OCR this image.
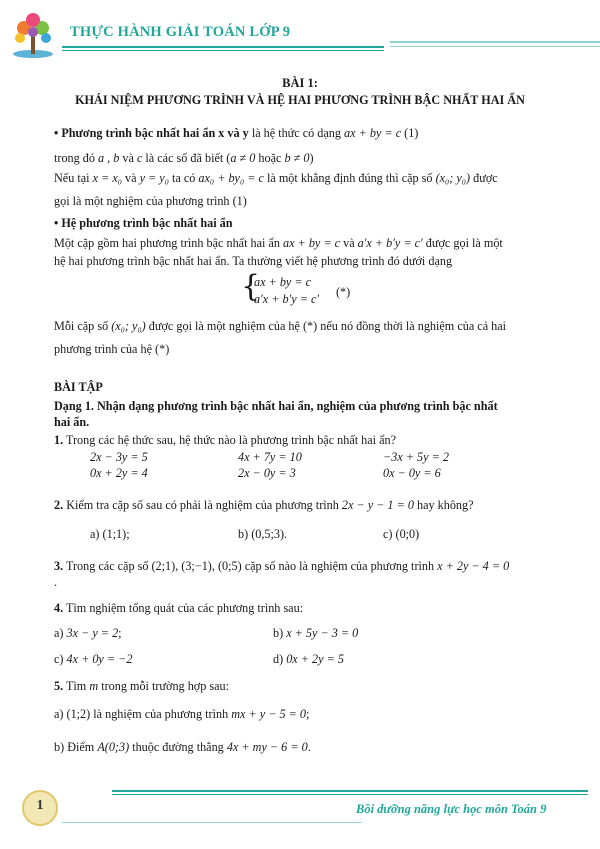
THỰC HÀNH GIẢI TOÁN LỚP 9
BÀI 1:
KHÁI NIỆM PHƯƠNG TRÌNH VÀ HỆ HAI PHƯƠNG TRÌNH BẬC NHẤT HAI ẨN
• Phương trình bậc nhất hai ẩn x và y là hệ thức có dạng ax + by = c (1)
trong đó a , b và c là các số đã biết (a ≠ 0 hoặc b ≠ 0)
Nếu tại x = x₀ và y = y₀ ta có ax₀ + by₀ = c là một khẳng định đúng thì cặp số (x₀; y₀) được
gọi là một nghiệm của phương trình (1)
• Hệ phương trình bậc nhất hai ẩn
Một cặp gồm hai phương trình bậc nhất hai ẩn ax + by = c và a′x + b′y = c′ được gọi là một
hệ hai phương trình bậc nhất hai ẩn. Ta thường viết hệ phương trình đó dưới dạng
{
ax + by = c
a′x + b′y = c′ (*)
Mỗi cặp số (x₀; y₀) được gọi là một nghiệm của hệ (*) nếu nó đồng thời là nghiệm của cả hai
phương trình của hệ (*)
BÀI TẬP
Dạng 1. Nhận dạng phương trình bậc nhất hai ẩn, nghiệm của phương trình bậc nhất
hai ẩn.
1. Trong các hệ thức sau, hệ thức nào là phương trình bậc nhất hai ẩn?
2x − 3y = 5	4x + 7y = 10	−3x + 5y = 2
0x + 2y = 4	2x − 0y = 3	0x − 0y = 6
2. Kiểm tra cặp số sau có phải là nghiệm của phương trình 2x − y − 1 = 0 hay không?
a) (1;1);	b) (0,5;3).	c) (0;0)
3. Trong các cặp số (2;1), (3;−1), (0;5) cặp số nào là nghiệm của phương trình x + 2y − 4 = 0
.
4. Tìm nghiệm tổng quát của các phương trình sau:
a) 3x − y = 2;	b) x + 5y − 3 = 0
c) 4x + 0y = −2	d) 0x + 2y = 5
5. Tìm m trong mỗi trường hợp sau:
a) (1;2) là nghiệm của phương trình mx + y − 5 = 0;
b) Điểm A(0;3) thuộc đường thẳng 4x + my − 6 = 0.
1	Bồi dưỡng năng lực học môn Toán 9
